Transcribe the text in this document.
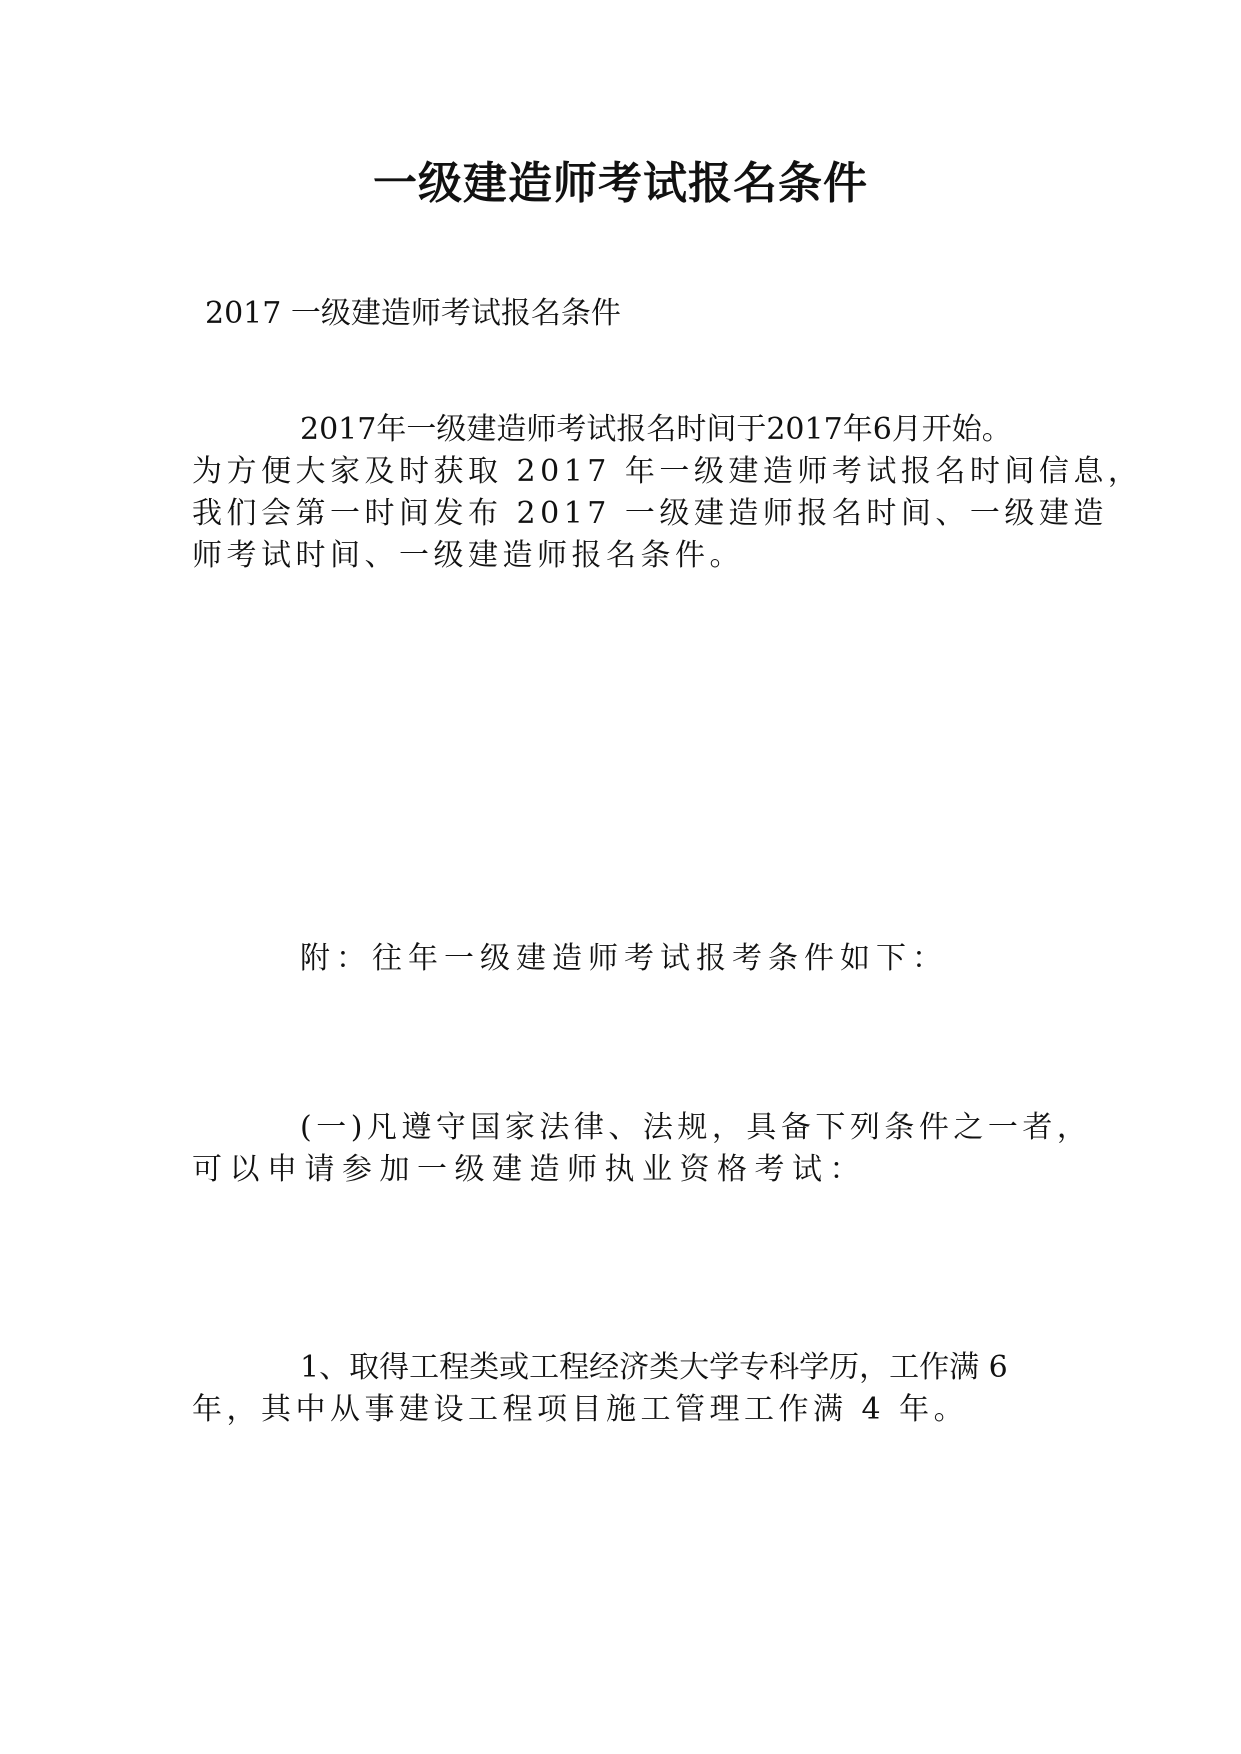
一级建造师考试报名条件
2017 一级建造师考试报名条件
2017年一级建造师考试报名时间于2017年6月开始。
为方便大家及时获取 2017 年一级建造师考试报名时间信息，
我们会第一时间发布 2017 一级建造师报名时间、一级建造
师考试时间、一级建造师报名条件。
附：往年一级建造师考试报考条件如下：
(一)凡遵守国家法律、法规，具备下列条件之一者，
可以申请参加一级建造师执业资格考试：
1、取得工程类或工程经济类大学专科学历，工作满 6
年，其中从事建设工程项目施工管理工作满 4 年。
